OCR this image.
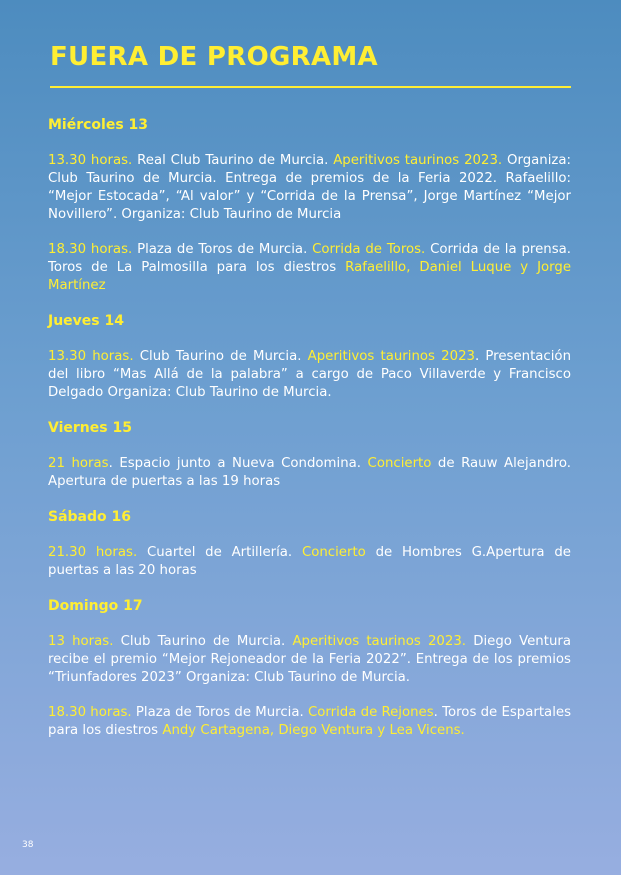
FUERA DE PROGRAMA
Miércoles 13

13.30 horas. Real Club Taurino de Murcia. Aperitivos taurinos 2023. Organiza: Club Taurino de Murcia. Entrega de premios de la Feria 2022. Rafaelillo: “Mejor Estocada”, “Al valor” y “Corrida de la Prensa”, Jorge Martínez “Mejor Novillero”. Organiza: Club Taurino de Murcia

18.30 horas. Plaza de Toros de Murcia. Corrida de Toros. Corrida de la prensa. Toros de La Palmosilla para los diestros Rafaelillo, Daniel Luque y Jorge Martínez

Jueves 14

13.30 horas. Club Taurino de Murcia. Aperitivos taurinos 2023. Presentación del libro “Mas Allá de la palabra” a cargo de Paco Villaverde y Francisco Delgado Organiza: Club Taurino de Murcia.

Viernes 15

21 horas. Espacio junto a Nueva Condomina. Concierto de Rauw Alejandro. Apertura de puertas a las 19 horas

Sábado 16

21.30 horas. Cuartel de Artillería. Concierto de Hombres G.Apertura de puertas a las 20 horas

Domingo 17

13 horas. Club Taurino de Murcia. Aperitivos taurinos 2023. Diego Ventura recibe el premio “Mejor Rejoneador de la Feria 2022”. Entrega de los premios “Triunfadores 2023” Organiza: Club Taurino de Murcia.

18.30 horas. Plaza de Toros de Murcia. Corrida de Rejones. Toros de Espartales para los diestros Andy Cartagena, Diego Ventura y Lea Vicens.

38
